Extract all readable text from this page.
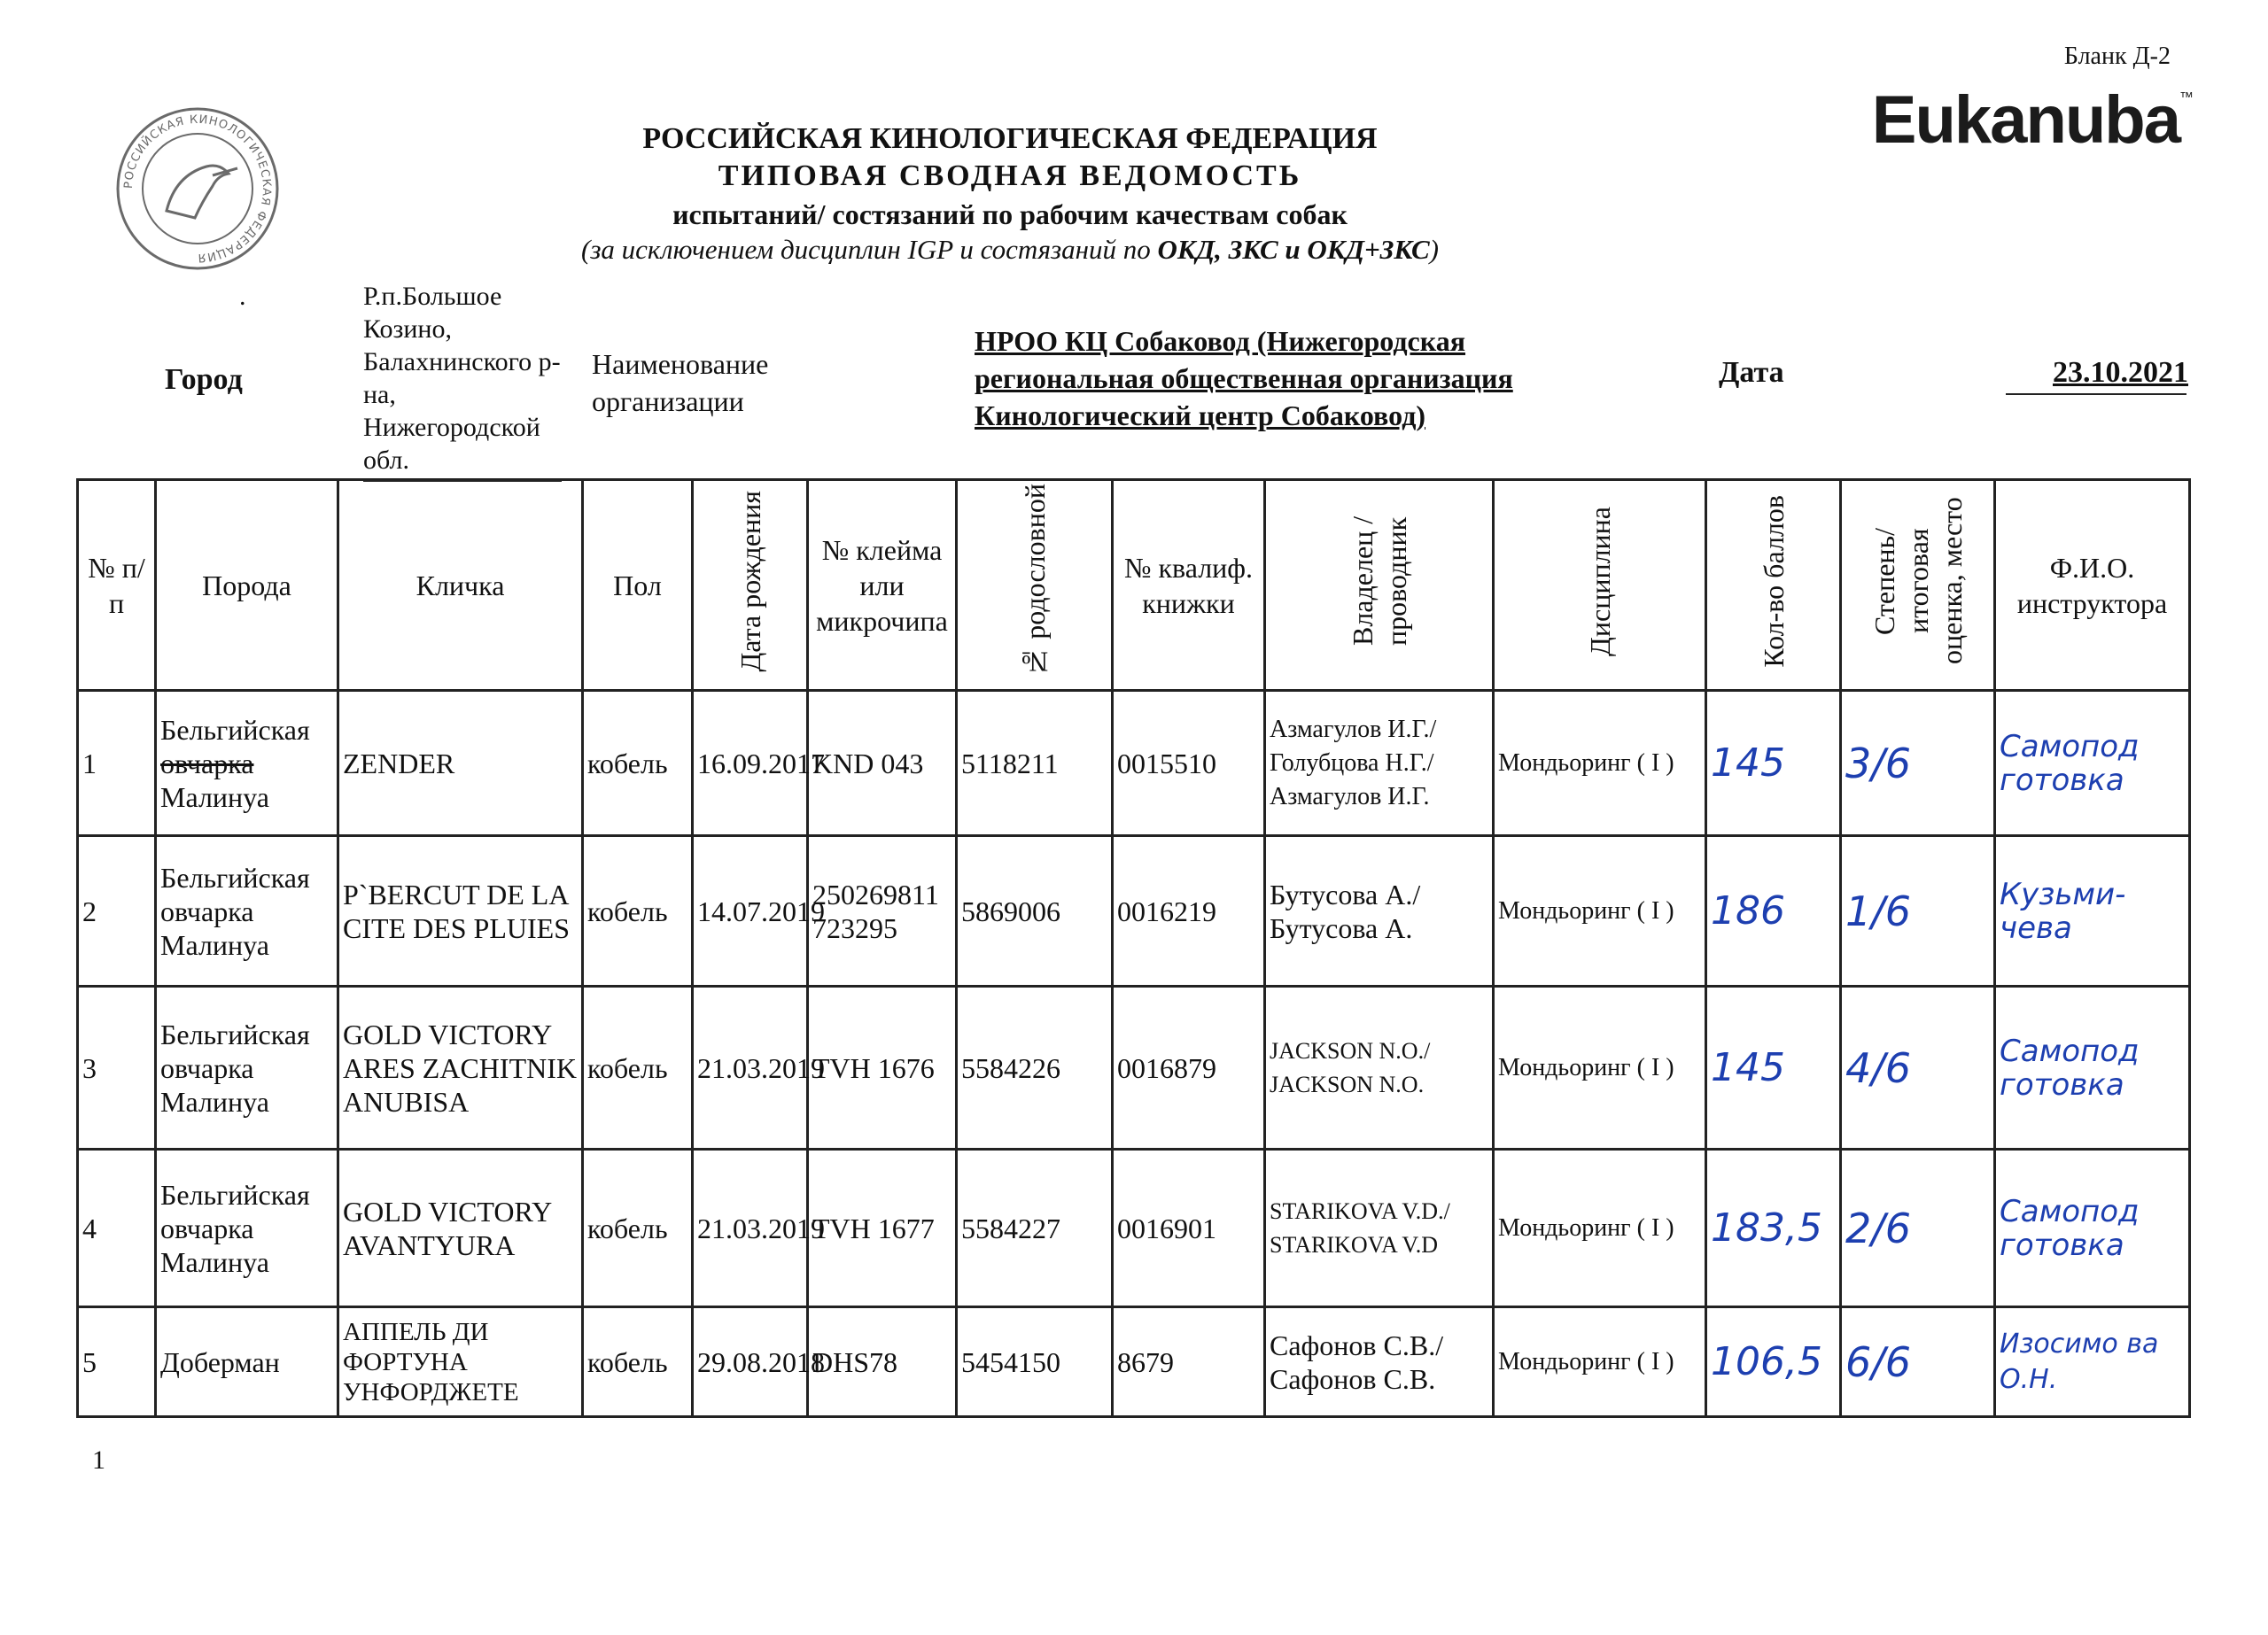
РОССИЙСКАЯ КИНОЛОГИЧЕСКАЯ ФЕДЕРАЦИЯ
Бланк Д-2
Eukanuba™
РОССИЙСКАЯ КИНОЛОГИЧЕСКАЯ ФЕДЕРАЦИЯ
ТИПОВАЯ СВОДНАЯ ВЕДОМОСТЬ
испытаний/ состязаний по рабочим качествам собак
(за исключением дисциплин IGP и состязаний по ОКД, ЗКС и ОКД+ЗКС)
.
Город
Р.п.Большое Козино, Балахнинского р-на, Нижегородской обл.
Наименование организации
НРОО КЦ Собаковод (Нижегородская региональная общественная организация Кинологический центр Собаковод)
Дата	23.10.2021
№ п/п	Порода	Кличка	Пол	Дата рождения	№ клейма или микрочипа	№ родословной	№ квалиф. книжки	Владелец / проводник	Дисциплина	Кол-во баллов	Степень/ итоговая оценка, место	Ф.И.О. инструктора
1	Бельгийская овчарка Малинуа	ZENDER	кобель	16.09.2017	KND 043	5118211	0015510	Азмагулов И.Г./Голубцова Н.Г./ Азмагулов И.Г.	Мондьоринг ( I )	145	3/6	Самопод готовка
2	Бельгийская овчарка Малинуа	P`BERCUT DE LA CITE DES PLUIES	кобель	14.07.2019	250269811723295	5869006	0016219	Бутусова А./ Бутусова А.	Мондьоринг ( I )	186	1/6	Кузьми- чева
3	Бельгийская овчарка Малинуа	GOLD VICTORY ARES ZACHITNIK ANUBISA	кобель	21.03.2019	TVH 1676	5584226	0016879	JACKSON N.O./ JACKSON N.O.	Мондьоринг ( I )	145	4/6	Самопод готовка
4	Бельгийская овчарка Малинуа	GOLD VICTORY AVANTYURA	кобель	21.03.2019	TVH 1677	5584227	0016901	STARIKOVA V.D./ STARIKOVA V.D	Мондьоринг ( I )	183,5	2/6	Самопод готовка
5	Доберман	АППЕЛЬ ДИ ФОРТУНА УНФОРДЖЕТЕ	кобель	29.08.2018	DHS78	5454150	8679	Сафонов С.В./ Сафонов С.В.	Мондьоринг ( I )	106,5	6/6	Изосимо ва О.Н.
1
